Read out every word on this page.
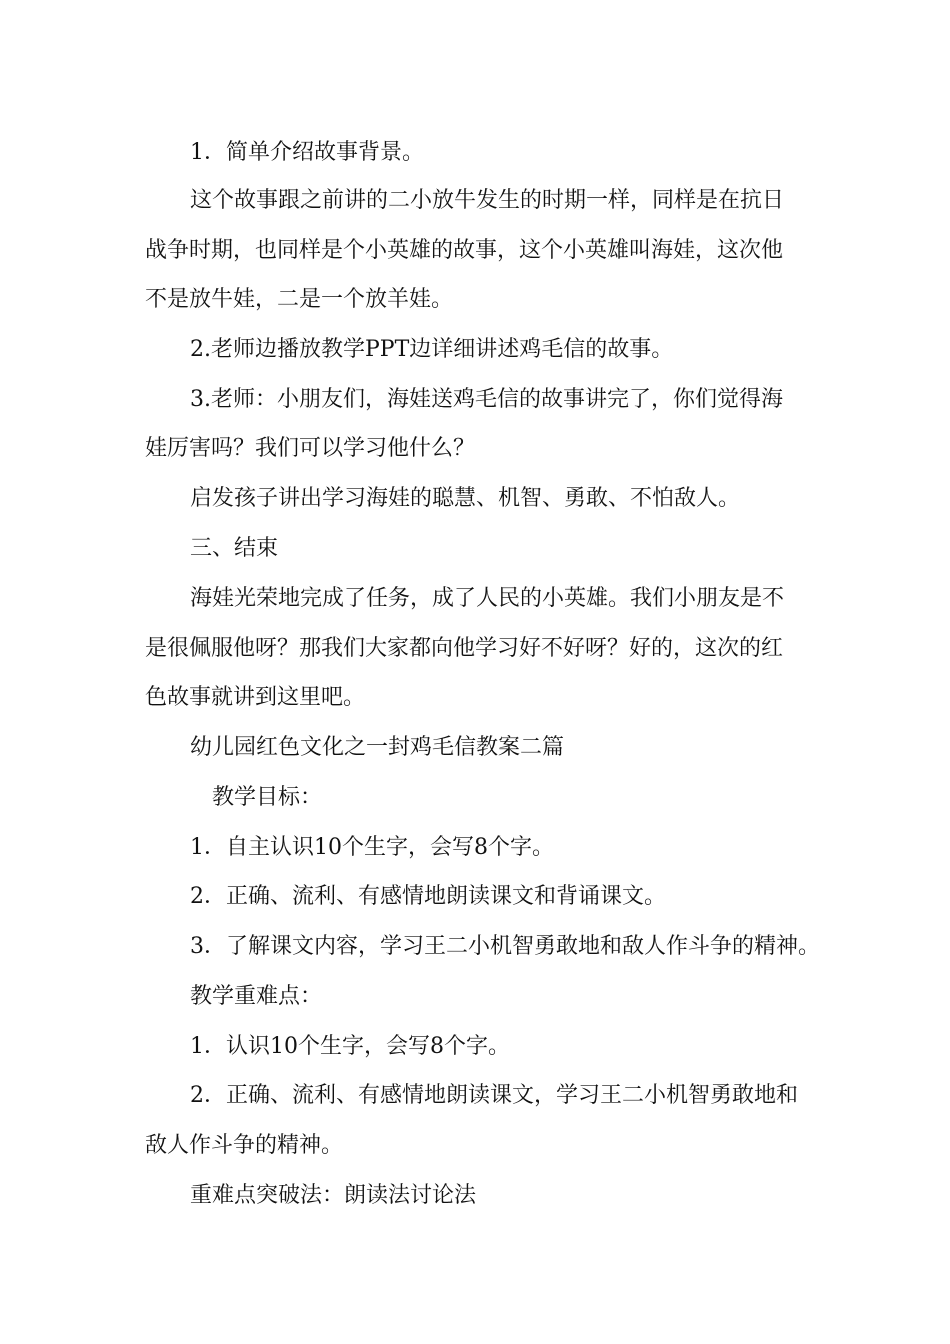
1．简单介绍故事背景。
这个故事跟之前讲的二小放牛发生的时期一样，同样是在抗日
战争时期，也同样是个小英雄的故事，这个小英雄叫海娃，这次他
不是放牛娃，二是一个放羊娃。
2.老师边播放教学PPT边详细讲述鸡毛信的故事。
3.老师：小朋友们，海娃送鸡毛信的故事讲完了，你们觉得海
娃厉害吗？我们可以学习他什么？
启发孩子讲出学习海娃的聪慧、机智、勇敢、不怕敌人。
三、结束
海娃光荣地完成了任务，成了人民的小英雄。我们小朋友是不
是很佩服他呀？那我们大家都向他学习好不好呀？好的，这次的红
色故事就讲到这里吧。
幼儿园红色文化之一封鸡毛信教案二篇
教学目标：
1．自主认识10个生字，会写8个字。
2．正确、流利、有感情地朗读课文和背诵课文。
3．了解课文内容，学习王二小机智勇敢地和敌人作斗争的精神。
教学重难点：
1．认识10个生字，会写8个字。
2．正确、流利、有感情地朗读课文，学习王二小机智勇敢地和
敌人作斗争的精神。
重难点突破法：朗读法讨论法
